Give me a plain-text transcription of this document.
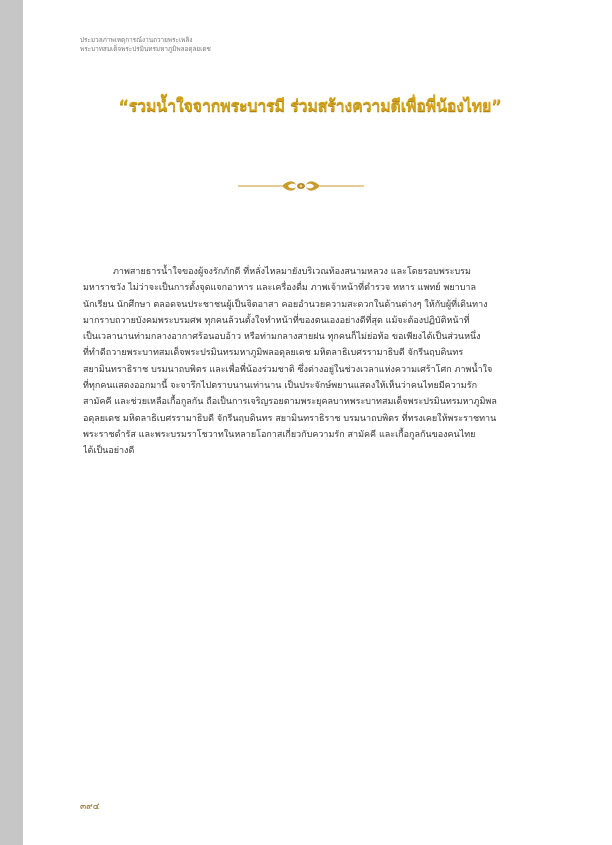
ประมวลภาพเหตุการณ์งานถวายพระเพลิง
พระบาทสมเด็จพระปรมินทรมหาภูมิพลอดุลยเดช
“รวมน้ำใจจากพระบารมี ร่วมสร้างความดีเพื่อพี่น้องไทย”
ภาพสายธารน้ำใจของผู้จงรักภักดี ที่หลั่งไหลมายังบริเวณท้องสนามหลวง และโดยรอบพระบรม
มหาราชวัง ไม่ว่าจะเป็นการตั้งจุดแจกอาหาร และเครื่องดื่ม ภาพเจ้าหน้าที่ตำรวจ ทหาร แพทย์ พยาบาล
นักเรียน นักศึกษา ตลอดจนประชาชนผู้เป็นจิตอาสา คอยอำนวยความสะดวกในด้านต่างๆ ให้กับผู้ที่เดินทาง
มากราบถวายบังคมพระบรมศพ ทุกคนล้วนตั้งใจทำหน้าที่ของตนเองอย่างดีที่สุด แม้จะต้องปฏิบัติหน้าที่
เป็นเวลานานท่ามกลางอากาศร้อนอบอ้าว หรือท่ามกลางสายฝน ทุกคนก็ไม่ย่อท้อ ขอเพียงได้เป็นส่วนหนึ่ง
ที่ทำดีถวายพระบาทสมเด็จพระปรมินทรมหาภูมิพลอดุลยเดช มหิตลาธิเบศรรามาธิบดี จักรีนฤบดินทร
สยามินทราธิราช บรมนาถบพิตร และเพื่อพี่น้องร่วมชาติ ซึ่งต่างอยู่ในช่วงเวลาแห่งความเศร้าโศก ภาพน้ำใจ
ที่ทุกคนแสดงออกมานี้ จะจารึกไปตราบนานเท่านาน เป็นประจักษ์พยานแสดงให้เห็นว่าคนไทยมีความรัก
สามัคคี และช่วยเหลือเกื้อกูลกัน ถือเป็นการเจริญรอยตามพระยุคลบาทพระบาทสมเด็จพระปรมินทรมหาภูมิพล
อดุลยเดช มหิตลาธิเบศรรามาธิบดี จักรีนฤบดินทร สยามินทราธิราช บรมนาถบพิตร ที่ทรงเคยให้พระราชทาน
พระราชดำรัส และพระบรมราโชวาทในหลายโอกาสเกี่ยวกับความรัก สามัคคี และเกื้อกูลกันของคนไทย
ได้เป็นอย่างดี
๓๙๔
